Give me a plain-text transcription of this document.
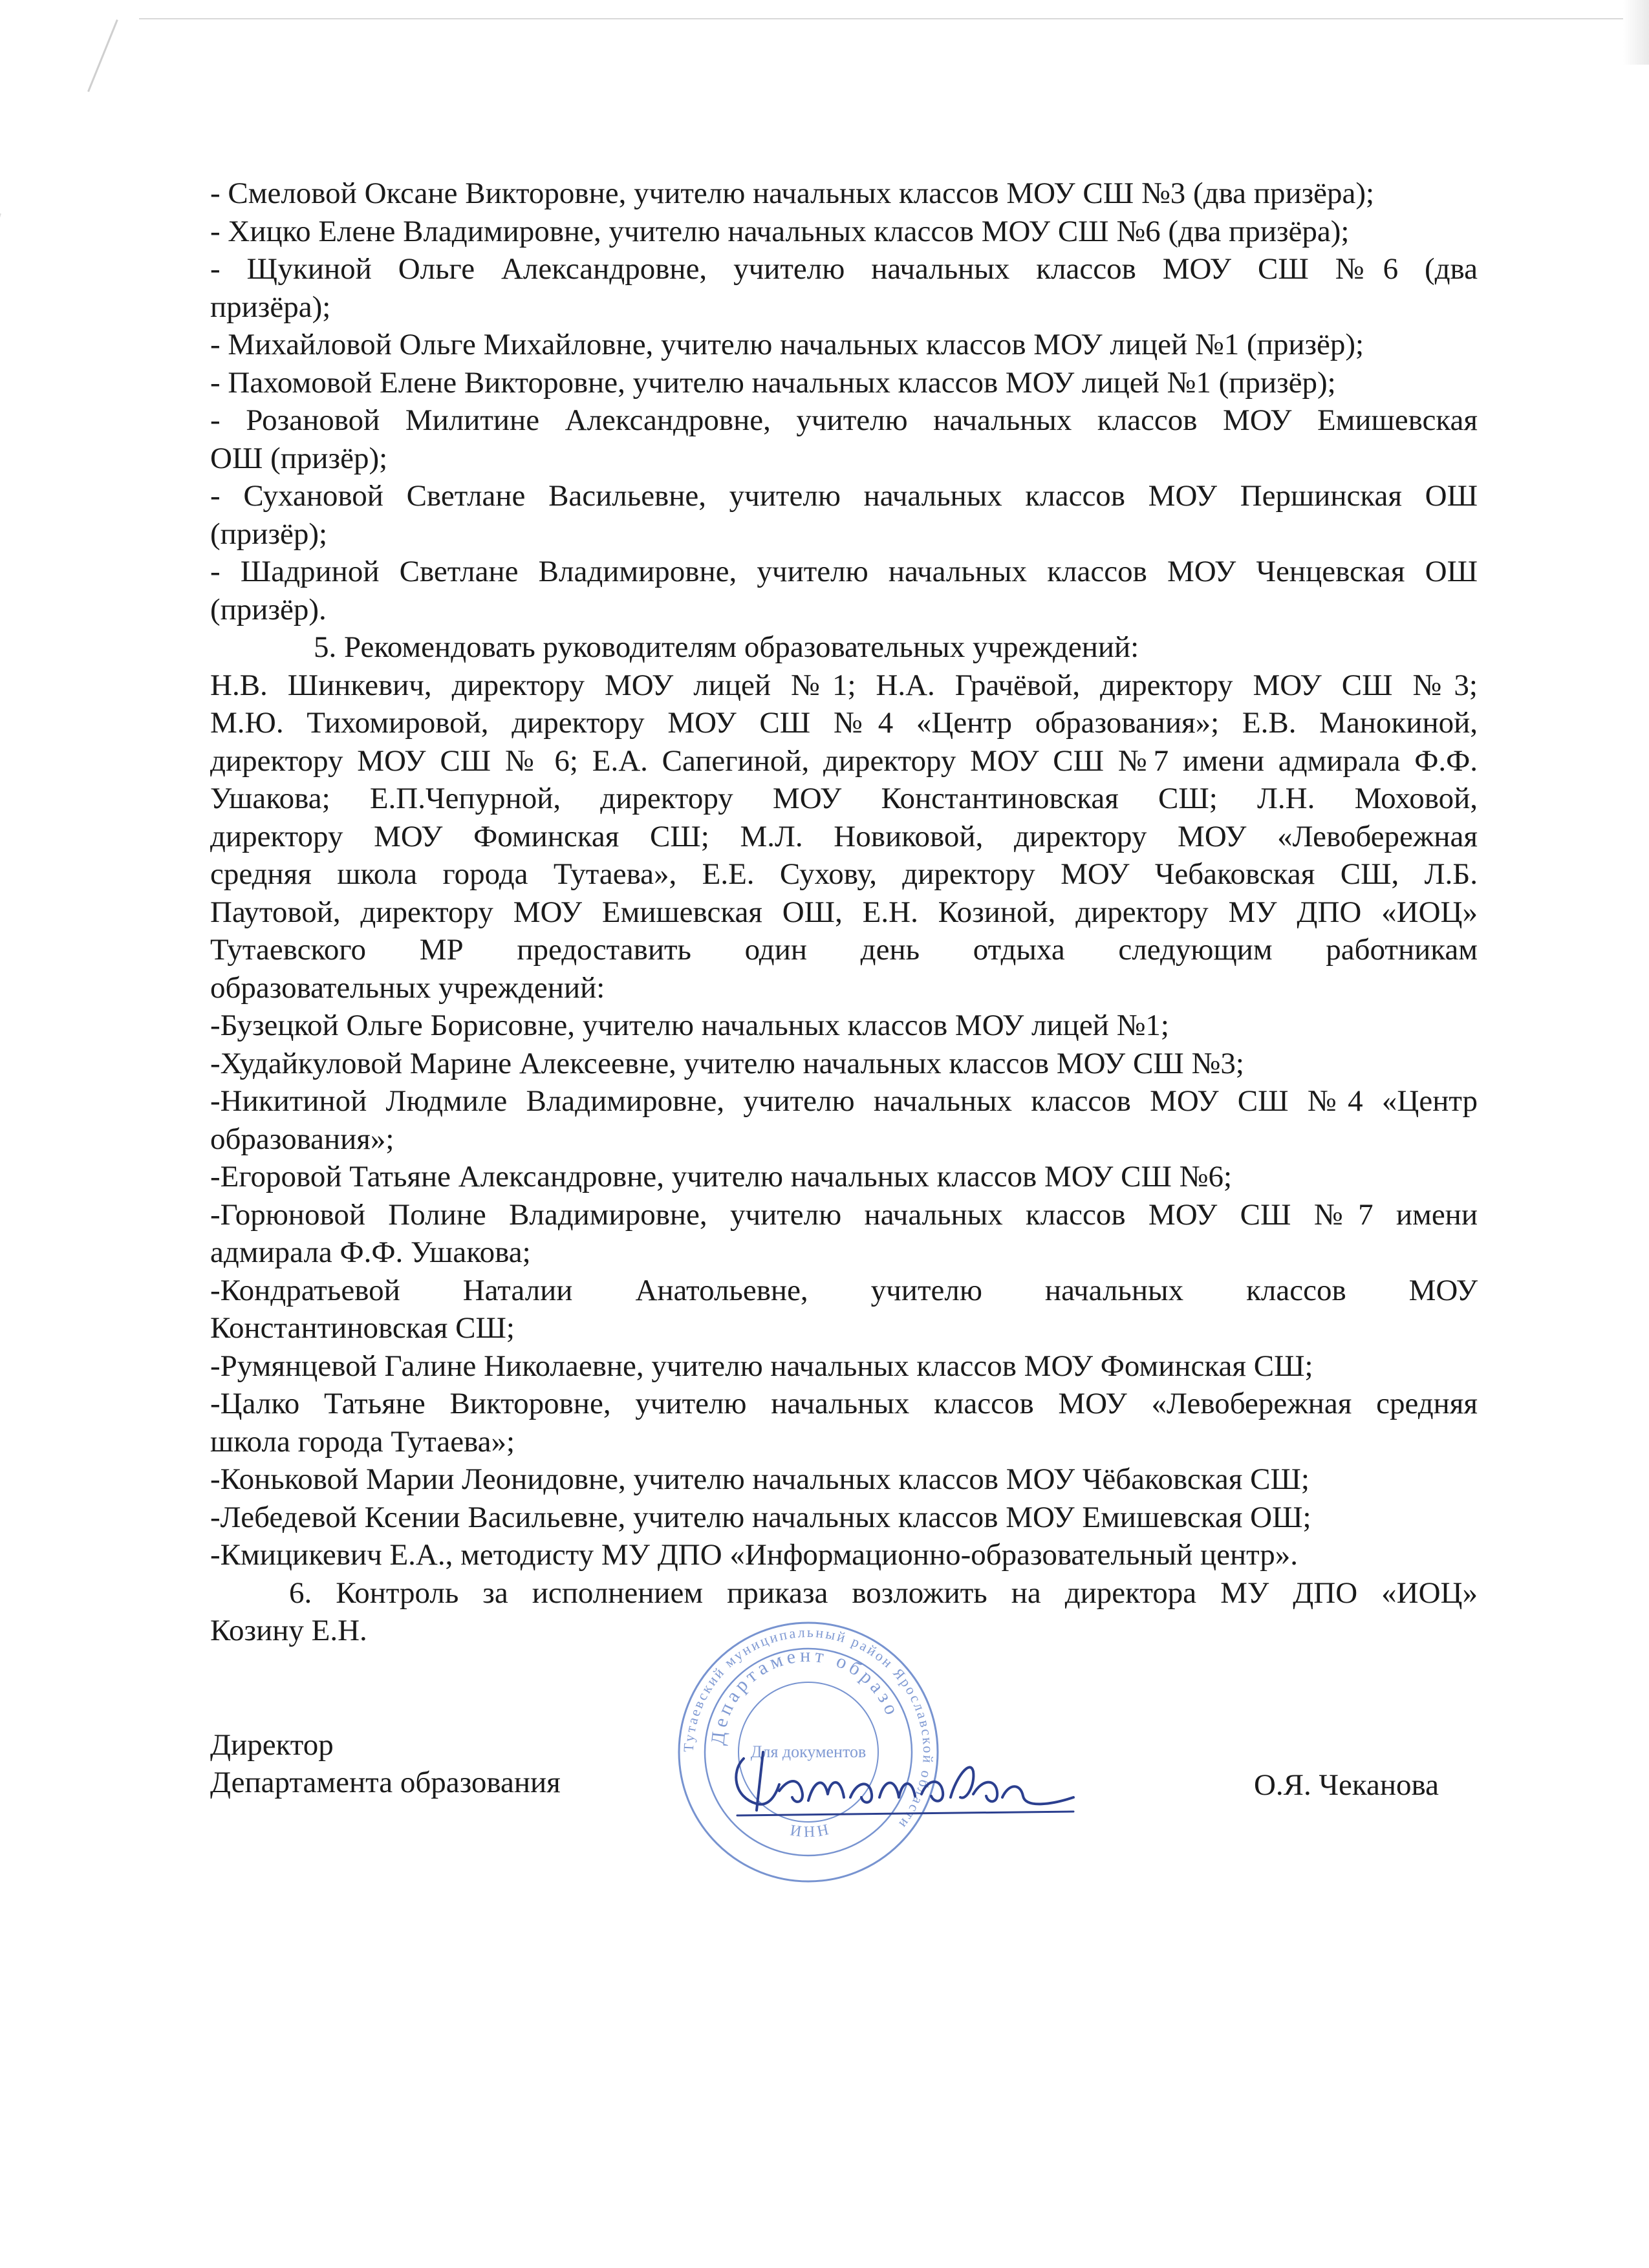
- Смеловой Оксане Викторовне, учителю начальных классов МОУ СШ №3 (два призёра);
- Хицко Елене Владимировне, учителю начальных классов МОУ СШ №6 (два призёра);
- Щукиной Ольге Александровне, учителю начальных классов МОУ СШ №6 (два
призёра);
- Михайловой Ольге Михайловне, учителю начальных классов МОУ лицей №1 (призёр);
- Пахомовой Елене Викторовне, учителю начальных классов МОУ лицей №1 (призёр);
- Розановой Милитине Александровне, учителю начальных классов МОУ Емишевская
ОШ (призёр);
- Сухановой Светлане Васильевне, учителю начальных классов МОУ Першинская ОШ
(призёр);
- Шадриной Светлане Владимировне, учителю начальных классов МОУ Ченцевская ОШ
(призёр).
5. Рекомендовать руководителям образовательных учреждений:
Н.В. Шинкевич, директору МОУ лицей №1; Н.А. Грачёвой, директору МОУ СШ №3;
М.Ю. Тихомировой, директору МОУ СШ №4 «Центр образования»; Е.В. Манокиной,
директору МОУ СШ № 6; Е.А. Сапегиной, директору МОУ СШ №7 имени адмирала Ф.Ф.
Ушакова; Е.П.Чепурной, директору МОУ Константиновская СШ; Л.Н. Моховой,
директору МОУ Фоминская СШ; М.Л. Новиковой, директору МОУ «Левобережная
средняя школа города Тутаева», Е.Е. Сухову, директору МОУ Чебаковская СШ, Л.Б.
Паутовой, директору МОУ Емишевская ОШ, Е.Н. Козиной, директору МУ ДПО «ИОЦ»
Тутаевского МР предоставить один день отдыха следующим работникам
образовательных учреждений:
-Бузецкой Ольге Борисовне, учителю начальных классов МОУ лицей №1;
-Худайкуловой Марине Алексеевне, учителю начальных классов МОУ СШ №3;
-Никитиной Людмиле Владимировне, учителю начальных классов МОУ СШ №4 «Центр
образования»;
-Егоровой Татьяне Александровне, учителю начальных классов МОУ СШ №6;
-Горюновой Полине Владимировне, учителю начальных классов МОУ СШ №7 имени
адмирала Ф.Ф. Ушакова;
-Кондратьевой Наталии Анатольевне, учителю начальных классов МОУ
Константиновская СШ;
-Румянцевой Галине Николаевне, учителю начальных классов МОУ Фоминская СШ;
-Цалко Татьяне Викторовне, учителю начальных классов МОУ «Левобережная средняя
школа города Тутаева»;
-Коньковой Марии Леонидовне, учителю начальных классов МОУ Чёбаковская СШ;
-Лебедевой Ксении Васильевне, учителю начальных классов МОУ Емишевская ОШ;
-Кмицикевич Е.А., методисту МУ ДПО «Информационно-образовательный центр».
6. Контроль за исполнением приказа возложить на директора МУ ДПО «ИОЦ»
Козину Е.Н.
Тутаевский муниципальный район Ярославской области
Департамент образо
Для документов
ИНН
Директор
Департамента образования	О.Я. Чеканова
